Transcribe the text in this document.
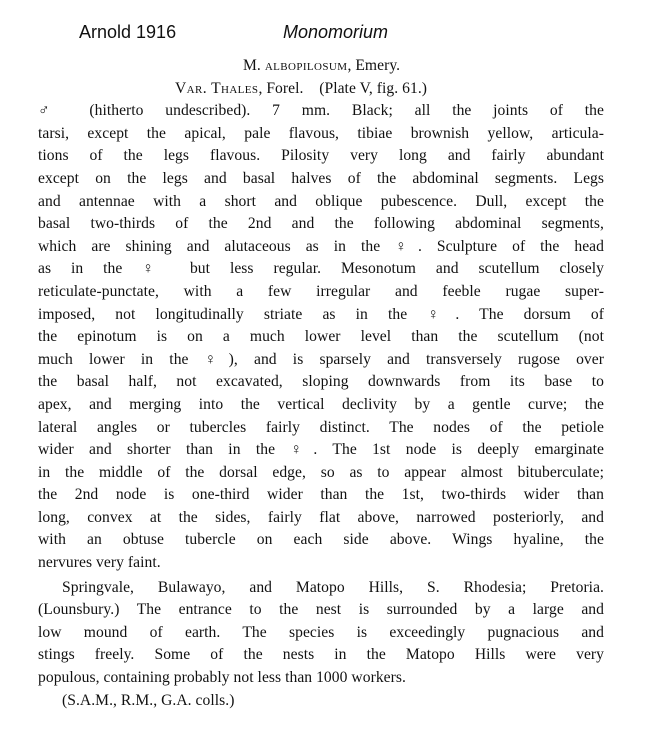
Arnold 1916	Monomorium
M. albopilosum, Emery.
Var. Thales, Forel.    (Plate V, fig. 61.)
♂ (hitherto undescribed). 7 mm. Black; all the joints of the
tarsi, except the apical, pale flavous, tibiae brownish yellow, articula-
tions of the legs flavous. Pilosity very long and fairly abundant
except on the legs and basal halves of the abdominal segments. Legs
and antennae with a short and oblique pubescence. Dull, except the
basal two-thirds of the 2nd and the following abdominal segments,
which are shining and alutaceous as in the ♀. Sculpture of the head
as in the ♀ but less regular. Mesonotum and scutellum closely
reticulate-punctate, with a few irregular and feeble rugae super-
imposed, not longitudinally striate as in the ♀. The dorsum of
the epinotum is on a much lower level than the scutellum (not
much lower in the ♀), and is sparsely and transversely rugose over
the basal half, not excavated, sloping downwards from its base to
apex, and merging into the vertical declivity by a gentle curve; the
lateral angles or tubercles fairly distinct. The nodes of the petiole
wider and shorter than in the ♀. The 1st node is deeply emarginate
in the middle of the dorsal edge, so as to appear almost bituberculate;
the 2nd node is one-third wider than the 1st, two-thirds wider than
long, convex at the sides, fairly flat above, narrowed posteriorly, and
with an obtuse tubercle on each side above. Wings hyaline, the
nervures very faint.
Springvale, Bulawayo, and Matopo Hills, S. Rhodesia; Pretoria.
(Lounsbury.) The entrance to the nest is surrounded by a large and
low mound of earth. The species is exceedingly pugnacious and
stings freely. Some of the nests in the Matopo Hills were very
populous, containing probably not less than 1000 workers.
(S.A.M., R.M., G.A. colls.)
